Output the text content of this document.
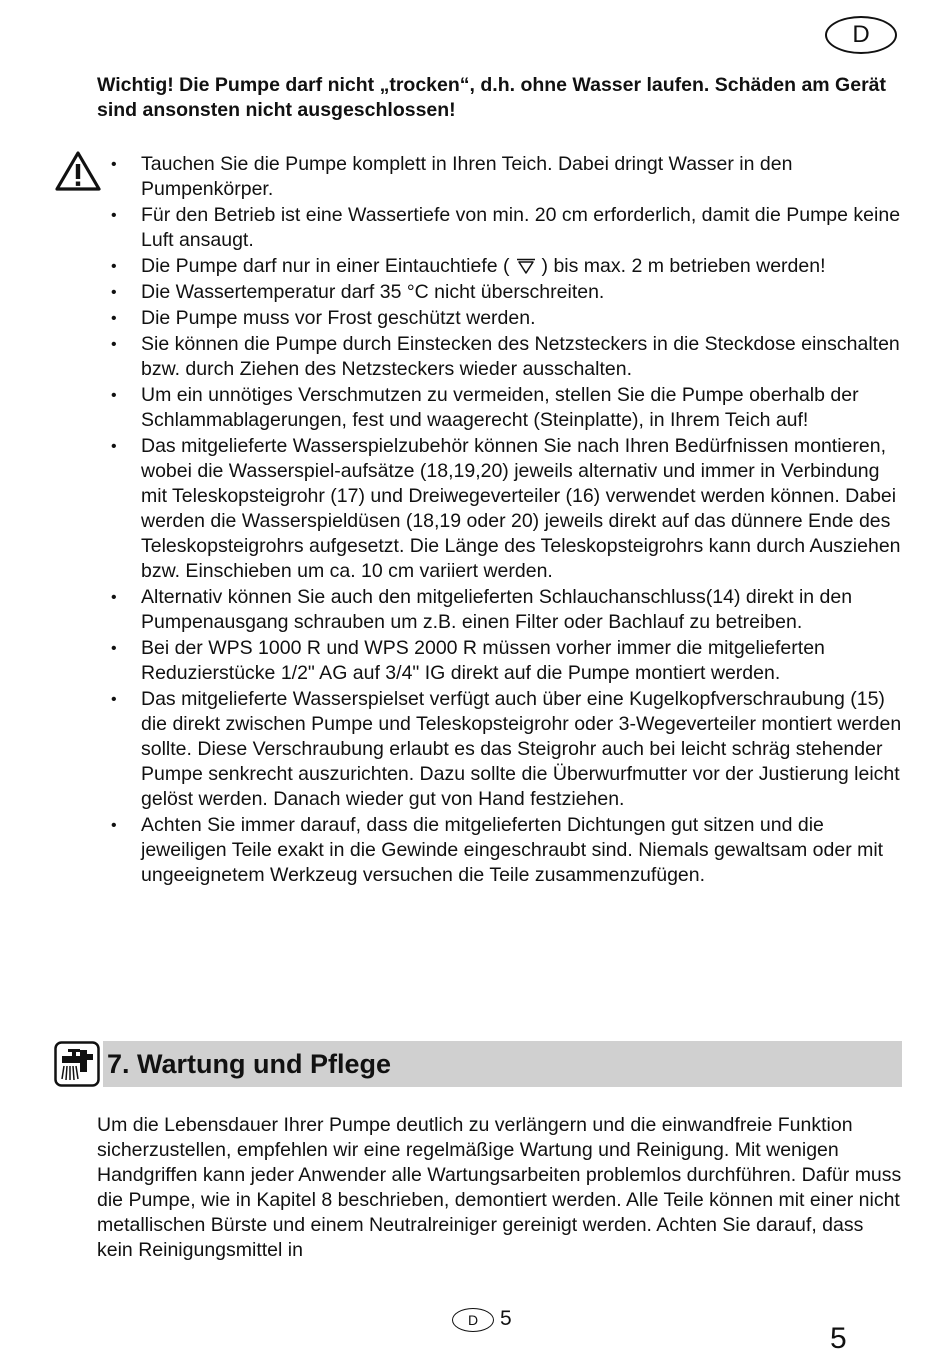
D
Wichtig! Die Pumpe darf nicht „trocken“, d.h. ohne Wasser laufen. Schäden am Gerät sind ansonsten nicht ausgeschlossen!
• Tauchen Sie die Pumpe komplett in Ihren Teich. Dabei dringt Wasser in den Pumpenkörper.
• Für den Betrieb ist eine Wassertiefe von min. 20 cm erforderlich, damit die Pumpe keine Luft ansaugt.
• Die Pumpe darf nur in einer Eintauchtiefe ( ) bis max. 2 m betrieben werden!
• Die Wassertemperatur darf 35 °C nicht überschreiten.
• Die Pumpe muss vor Frost geschützt werden.
• Sie können die Pumpe durch Einstecken des Netzsteckers in die Steckdose einschalten bzw. durch Ziehen des Netzsteckers wieder ausschalten.
• Um ein unnötiges Verschmutzen zu vermeiden, stellen Sie die Pumpe oberhalb der Schlammablagerungen, fest und waagerecht (Steinplatte), in Ihrem Teich auf!
• Das mitgelieferte Wasserspielzubehör können Sie nach Ihren Bedürfnissen montieren, wobei die Wasserspiel-aufsätze (18,19,20) jeweils alternativ und immer in Verbindung mit Teleskopsteigrohr (17) und Dreiwegeverteiler (16) verwendet werden können. Dabei werden die Wasserspieldüsen (18,19 oder 20) jeweils direkt auf das dünnere Ende des Teleskopsteigrohrs aufgesetzt. Die Länge des Teleskopsteigrohrs kann durch Ausziehen bzw. Einschieben um ca. 10 cm variiert werden.
• Alternativ können Sie auch den mitgelieferten Schlauchanschluss(14) direkt in den Pumpenausgang schrauben um z.B. einen Filter oder Bachlauf zu betreiben.
• Bei der WPS 1000 R und WPS 2000 R müssen vorher immer die mitgelieferten Reduzierstücke 1/2" AG auf 3/4" IG direkt auf die Pumpe montiert werden.
• Das mitgelieferte Wasserspielset verfügt auch über eine Kugelkopfverschraubung (15) die direkt zwischen Pumpe und Teleskopsteigrohr oder 3-Wegeverteiler montiert werden sollte. Diese Verschraubung erlaubt es das Steigrohr auch bei leicht schräg stehender Pumpe senkrecht auszurichten. Dazu sollte die Überwurfmutter vor der Justierung leicht gelöst werden. Danach wieder gut von Hand festziehen.
• Achten Sie immer darauf, dass die mitgelieferten Dichtungen gut sitzen und die jeweiligen Teile exakt in die Gewinde eingeschraubt sind. Niemals gewaltsam oder mit ungeeignetem Werkzeug versuchen die Teile zusammenzufügen.
7. Wartung und Pflege

Um die Lebensdauer Ihrer Pumpe deutlich zu verlängern und die einwandfreie Funktion sicherzustellen, empfehlen wir eine regelmäßige Wartung und Reinigung. Mit wenigen Handgriffen kann jeder Anwender alle Wartungsarbeiten problemlos durchführen. Dafür muss die Pumpe, wie in Kapitel 8 beschrieben, demontiert werden. Alle Teile können mit einer nicht metallischen Bürste und einem Neutralreiniger gereinigt werden. Achten Sie darauf, dass kein Reinigungsmittel in

D 5
5
